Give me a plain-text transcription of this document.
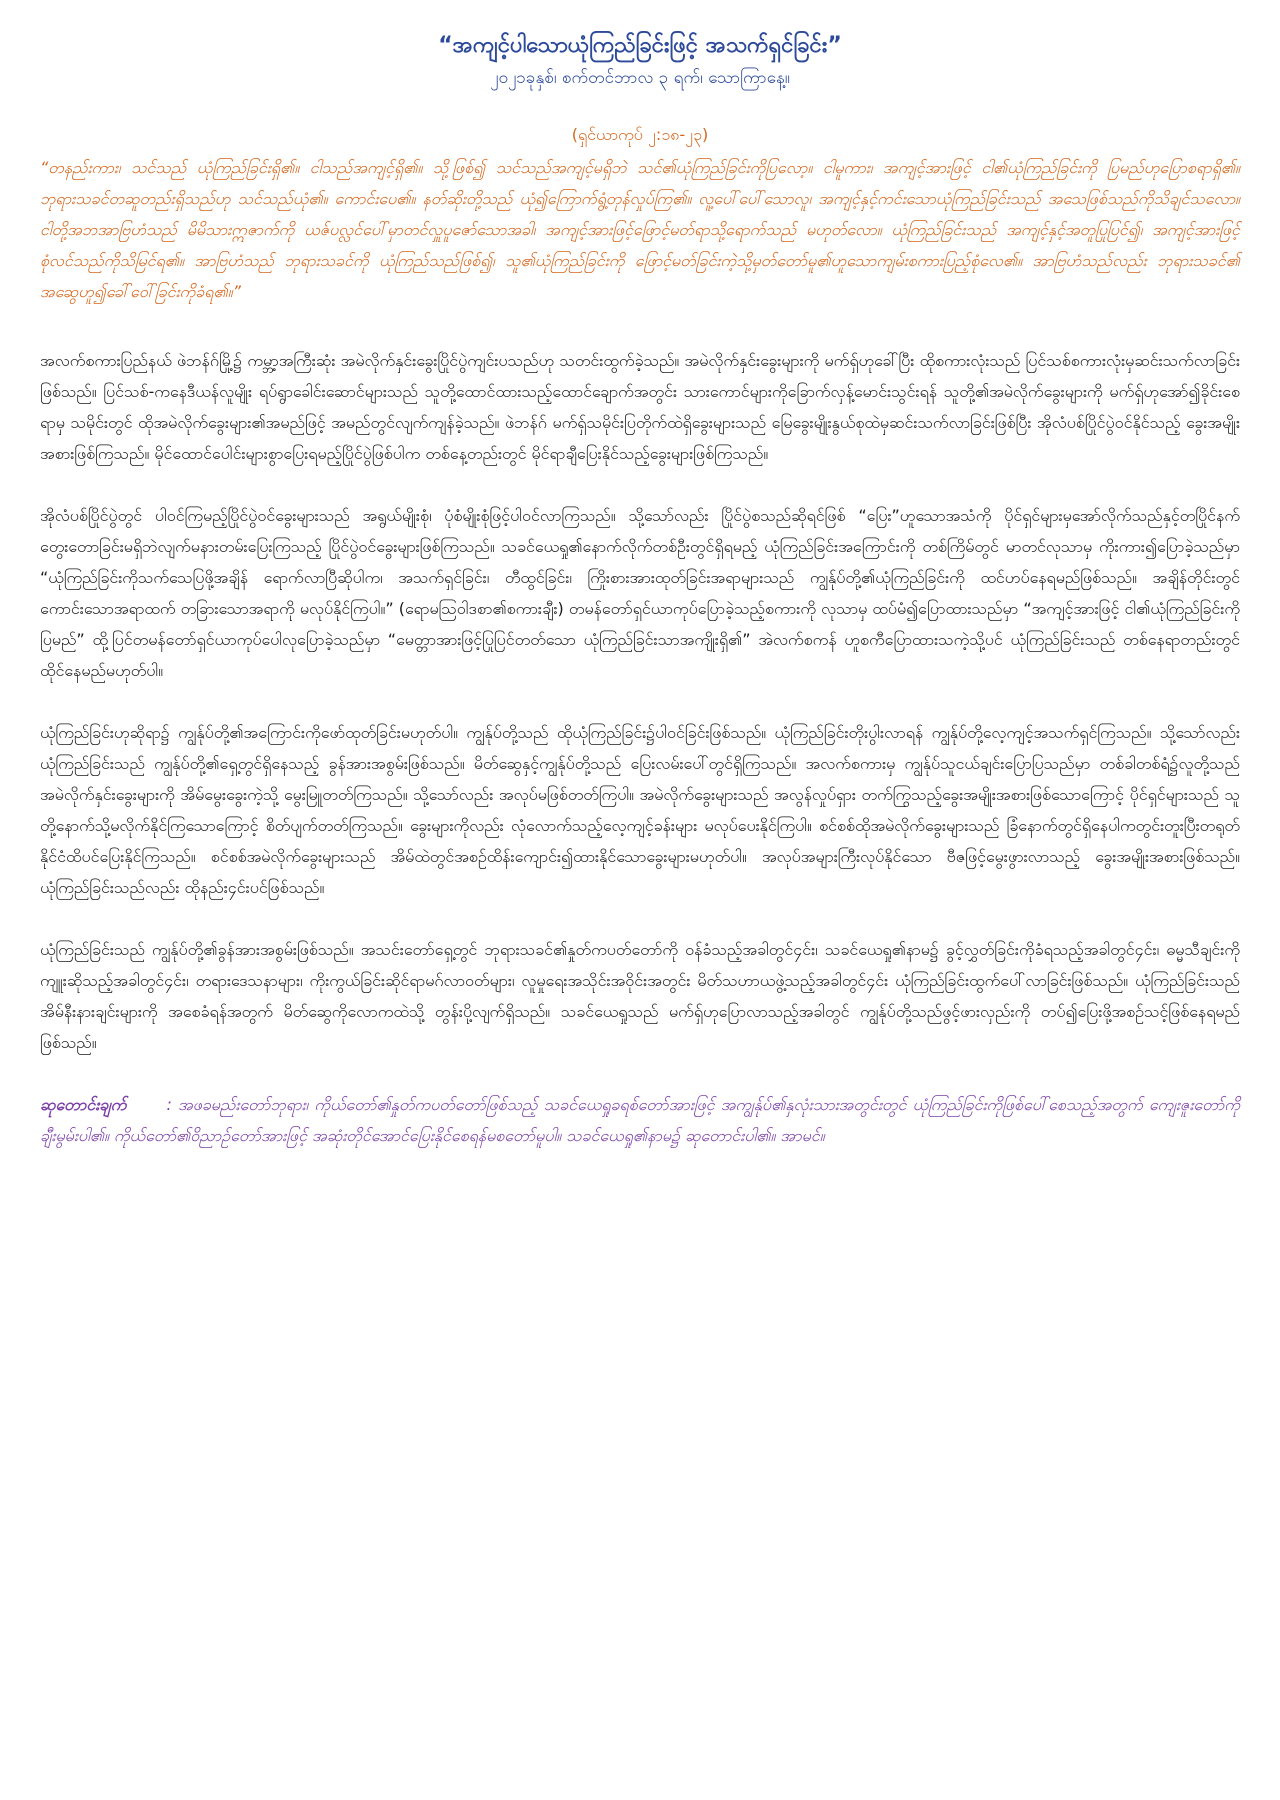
“အကျင့်ပါသောယုံကြည်ခြင်းဖြင့် အသက်ရှင်ခြင်း”
၂၀၂၁ခုနှစ်၊ စက်တင်ဘာလ ၃ ရက်၊ သောကြာနေ့။
(ရှင်ယာကုပ် ၂:၁၈-၂၃)
“တနည်းကား၊ သင်သည် ယုံကြည်ခြင်းရှိ၏။ ငါသည်အကျင့်ရှိ၏။ သို့ဖြစ်၍ သင်သည်အကျင့်မရှိဘဲ သင်၏ယုံကြည်ခြင်းကိုပြလော့။ ငါမူကား၊ အကျင့်အားဖြင့် ငါ၏ယုံကြည်ခြင်းကို ပြမည်ဟုပြောစရာရှိ၏။ ဘုရားသခင်တဆူတည်းရှိသည်ဟု သင်သည်ယုံ၏။ ကောင်းပေ၏။ နတ်ဆိုးတို့သည် ယုံ၍ကြောက်ရွံ့တုန်လှုပ်ကြ၏။ လူ့ပေါ်ပေါ်သောလူ၊ အကျင့်နှင့်ကင်းသောယုံကြည်ခြင်းသည် အသေဖြစ်သည်ကိုသိချင်သလော။ ငါတို့အဘအာဗြဟံသည် မိမိသားဣဇာက်ကို ယဇ်ပလ္လင်ပေါ်မှာတင်လှူပူဇော်သောအခါ၊ အကျင့်အားဖြင့်ဖြောင့်မတ်ရာသို့ရောက်သည် မဟုတ်လော။ ယုံကြည်ခြင်းသည် အကျင့်နှင့်အတူပြုပြင်၍၊ အကျင့်အားဖြင့် စုံလင်သည်ကိုသိမြင်ရ၏။ အာဗြဟံသည် ဘုရားသခင်ကို ယုံကြည်သည်ဖြစ်၍၊ သူ၏ယုံကြည်ခြင်းကို ဖြောင့်မတ်ခြင်းကဲ့သို့မှတ်တော်မူ၏ဟူသောကျမ်းစကားပြည့်စုံလေ၏။ အာဗြဟံသည်လည်း ဘုရားသခင်၏ အဆွေဟူ၍ခေါ်ဝေါ်ခြင်းကိုခံရ၏။”

အလက်စကားပြည်နယ် ဖဲဘန်ဂ်မြို့၌ ကမ္ဘာ့အကြီးဆုံး အမဲလိုက်နှင်းခွေးပြိုင်ပွဲကျင်းပသည်ဟု သတင်းထွက်ခဲ့သည်။ အမဲလိုက်နှင်းခွေးများကို မက်ရှ်ဟုခေါ်ပြီး ထိုစကားလုံးသည် ပြင်သစ်စကားလုံးမှဆင်းသက်လာခြင်းဖြစ်သည်။ ပြင်သစ်-ကနေဒီယန်လူမျိုး ရပ်ရွာခေါင်းဆောင်များသည် သူတို့ထောင်ထားသည့်ထောင်ချောက်အတွင်း သားကောင်များကိုခြောက်လှန့်မောင်းသွင်းရန် သူတို့၏အမဲလိုက်ခွေးများကို မက်ရှ်ဟုအော်၍ခိုင်းစေရာမှ သမိုင်းတွင် ထိုအမဲလိုက်ခွေးများ၏အမည်ဖြင့် အမည်တွင်လျက်ကျန်ခဲ့သည်။ ဖဲဘန်ဂ် မက်ရှ်သမိုင်းပြတိုက်ထဲရှိခွေးများသည် မြေခွေးမျိုးနွယ်စုထဲမှဆင်းသက်လာခြင်းဖြစ်ပြီး အိုလံပစ်ပြိုင်ပွဲဝင်နိုင်သည့် ခွေးအမျိုးအစားဖြစ်ကြသည်။ မိုင်ထောင်ပေါင်းများစွာပြေးရမည့်ပြိုင်ပွဲဖြစ်ပါက တစ်နေ့တည်းတွင် မိုင်ရာချီပြေးနိုင်သည့်ခွေးများဖြစ်ကြသည်။

အိုလံပစ်ပြိုင်ပွဲတွင် ပါဝင်ကြမည့်ပြိုင်ပွဲဝင်ခွေးများသည် အရွယ်မျိုးစုံ၊ ပုံစံမျိုးစုံဖြင့်ပါဝင်လာကြသည်။ သို့သော်လည်း ပြိုင်ပွဲစသည်ဆိုရင်ဖြစ် “ပြေး”ဟူသောအသံကို ပိုင်ရှင်များမှအော်လိုက်သည်နှင့်တပြိုင်နက် တွေးတောခြင်းမရှိဘဲလျက်မနားတမ်းပြေးကြသည့် ပြိုင်ပွဲဝင်ခွေးများဖြစ်ကြသည်။ သခင်ယေရှု၏နောက်လိုက်တစ်ဦးတွင်ရှိရမည့် ယုံကြည်ခြင်းအကြောင်းကို တစ်ကြိမ်တွင် မာတင်လုသာမှ ကိုးကား၍ပြောခဲ့သည်မှာ “ယုံကြည်ခြင်းကိုသက်သေပြဖို့အချိန် ရောက်လာပြီဆိုပါက၊ အသက်ရှင်ခြင်း၊ တီထွင်ခြင်း၊ ကြိုးစားအားထုတ်ခြင်းအရာများသည် ကျွန်ုပ်တို့၏ယုံကြည်ခြင်းကို ထင်ဟပ်နေရမည်ဖြစ်သည်။ အချိန်တိုင်းတွင် ကောင်းသောအရာထက် တခြားသောအရာကို မလုပ်နိုင်ကြပါ။” (ရောမသြဝါဒစာ၏စကားချီး) တမန်တော်ရှင်ယာကုပ်ပြောခဲ့သည့်စကားကို လုသာမှ ထပ်မံ၍ပြောထားသည်မှာ “အကျင့်အားဖြင့် ငါ၏ယုံကြည်ခြင်းကိုပြမည်” ထို့ပြင်တမန်တော်ရှင်ယာကုပ်ပေါလုပြောခဲ့သည်မှာ “မေတ္တာအားဖြင့်ပြုပြင်တတ်သော ယုံကြည်ခြင်းသာအကျိုးရှိ၏” အဲလက်စကန် ဟူစကီပြောထားသကဲ့သို့ပင် ယုံကြည်ခြင်းသည် တစ်နေရာတည်းတွင်ထိုင်နေမည်မဟုတ်ပါ။

ယုံကြည်ခြင်းဟုဆိုရာ၌ ကျွန်ုပ်တို့၏အကြောင်းကိုဖော်ထုတ်ခြင်းမဟုတ်ပါ။ ကျွန်ုပ်တို့သည် ထိုယုံကြည်ခြင်း၌ပါဝင်ခြင်းဖြစ်သည်။ ယုံကြည်ခြင်းတိုးပွါးလာရန် ကျွန်ုပ်တို့လေ့ကျင့်အသက်ရှင်ကြသည်။ သို့သော်လည်း ယုံကြည်ခြင်းသည် ကျွန်ုပ်တို့၏ရှေ့တွင်ရှိနေသည့် ခွန်အားအစွမ်းဖြစ်သည်။ မိတ်ဆွေနှင့်ကျွန်ုပ်တို့သည် ပြေးလမ်းပေါ်တွင်ရှိကြသည်။ အလက်စကားမှ ကျွန်ုပ်သူငယ်ချင်းပြောပြသည်မှာ တစ်ခါတစ်ရံ၌လူတို့သည် အမဲလိုက်နှင်းခွေးများကို အိမ်မွေးခွေးကဲ့သို့ မွေးမြူတတ်ကြသည်။ သို့သော်လည်း အလုပ်မဖြစ်တတ်ကြပါ။ အမဲလိုက်ခွေးများသည် အလွန်လှုပ်ရှား တက်ကြွသည့်ခွေးအမျိုးအစားဖြစ်သောကြောင့် ပိုင်ရှင်များသည် သူတို့နောက်သို့မလိုက်နိုင်ကြသောကြောင့် စိတ်ပျက်တတ်ကြသည်။ ခွေးများကိုလည်း လုံလောက်သည့်လေ့ကျင့်ခန်းများ မလုပ်ပေးနိုင်ကြပါ။ စင်စစ်ထိုအမဲလိုက်ခွေးများသည် ခြံနောက်တွင်ရှိနေပါကတွင်းတူးပြီးတရုတ်နိုင်ငံထိပင်ပြေးနိုင်ကြသည်။ စင်စစ်အမဲလိုက်ခွေးများသည် အိမ်ထဲတွင်အစဉ်ထိန်းကျောင်း၍ထားနိုင်သောခွေးများမဟုတ်ပါ။ အလုပ်အများကြီးလုပ်နိုင်သော ဗီဇဖြင့်မွေးဖွားလာသည့် ခွေးအမျိုးအစားဖြစ်သည်။ ယုံကြည်ခြင်းသည်လည်း ထိုနည်း၄င်းပင်ဖြစ်သည်။

ယုံကြည်ခြင်းသည် ကျွန်ုပ်တို့၏ခွန်အားအစွမ်းဖြစ်သည်။ အသင်းတော်ရှေ့တွင် ဘုရားသခင်၏နှုတ်ကပတ်တော်ကို ဝန်ခံသည့်အခါတွင်၄င်း၊ သခင်ယေရှု၏နာမ၌ ခွင့်လွှတ်ခြင်းကိုခံရသည့်အခါတွင်၄င်း၊ ဓမ္မသီချင်းကို ကျူးဆိုသည့်အခါတွင်၄င်း၊ တရားဒေသနာများ၊ ကိုးကွယ်ခြင်းဆိုင်ရာမဂ်လာဝတ်များ၊ လူမှုရေးအသိုင်းအဝိုင်းအတွင်း မိတ်သဟာယဖွဲ့သည့်အခါတွင်၄င်း ယုံကြည်ခြင်းထွက်ပေါ်လာခြင်းဖြစ်သည်။ ယုံကြည်ခြင်းသည် အိမ်နီးနားချင်းများကို အစေခံရန်အတွက် မိတ်ဆွေကိုလောကထဲသို့ တွန်းပို့လျက်ရှိသည်။ သခင်ယေရှုသည် မက်ရှ်ဟုပြောလာသည့်အခါတွင် ကျွန်ုပ်တို့သည်ဖွင့်ဖားလှည်းကို တပ်၍ပြေးဖို့အစဉ်သင့်ဖြစ်နေရမည်ဖြစ်သည်။

ဆုတောင်းချက်	: အဖခမည်းတော်ဘုရား၊ ကိုယ်တော်၏နှုတ်ကပတ်တော်ဖြစ်သည့် သခင်ယေရှုခရစ်တော်အားဖြင့် အကျွန်ုပ်၏နှလုံးသားအတွင်းတွင် ယုံကြည်ခြင်းကိုဖြစ်ပေါ်စေသည့်အတွက် ကျေးဇူးတော်ကိုချီးမွမ်းပါ၏။ ကိုယ်တော်၏ဝိညာဉ်တော်အားဖြင့် အဆုံးတိုင်အောင်ပြေးနိုင်စေရန်မစတော်မူပါ။ သခင်ယေရှု၏နာမ၌ ဆုတောင်းပါ၏။ အာမင်။
